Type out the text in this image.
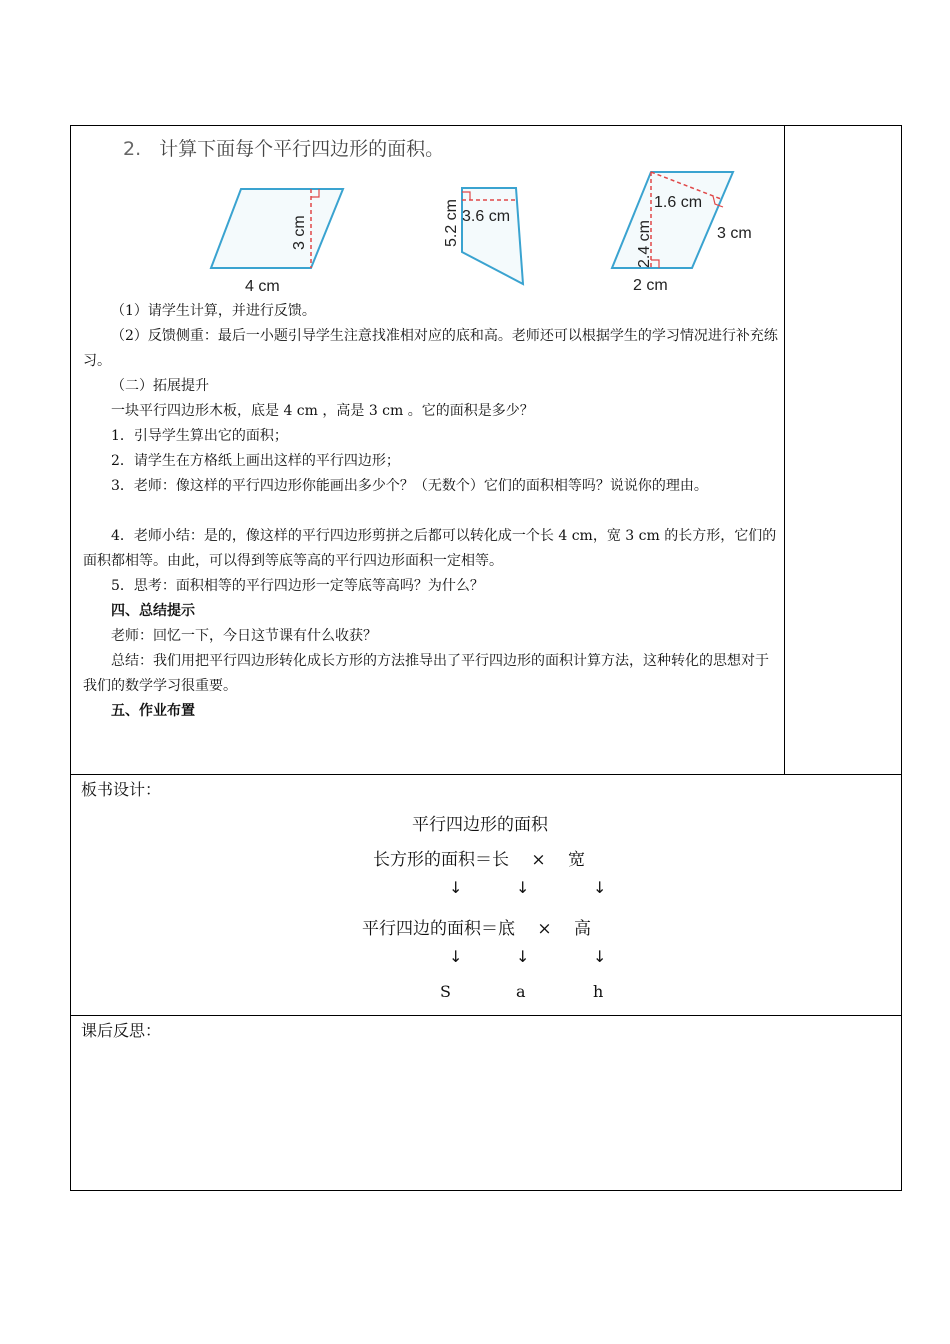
2. 计算下面每个平行四边形的面积。
3 cm
4 cm
5.2 cm 3.6 cm
1.6 cm
3 cm
2.4 cm
2 cm
（1）请学生计算，并进行反馈。
（2）反馈侧重：最后一小题引导学生注意找准相对应的底和高。老师还可以根据学生的学习情况进行补充练习。
（二）拓展提升
一块平行四边形木板，底是 4 cm ，高是 3 cm 。它的面积是多少？
1．引导学生算出它的面积；
2．请学生在方格纸上画出这样的平行四边形；
3．老师：像这样的平行四边形你能画出多少个？（无数个）它们的面积相等吗？说说你的理由。
4．老师小结：是的，像这样的平行四边形剪拼之后都可以转化成一个长 4 cm，宽 3 cm 的长方形，它们的面积都相等。由此，可以得到等底等高的平行四边形面积一定相等。
5．思考：面积相等的平行四边形一定等底等高吗？为什么？
四、总结提示
老师：回忆一下，今日这节课有什么收获？
总结：我们用把平行四边形转化成长方形的方法推导出了平行四边形的面积计算方法，这种转化的思想对于我们的数学学习很重要。
五、作业布置
板书设计：
平行四边形的面积
长方形的面积＝长 　×　 宽
↓	↓	↓
平行四边的面积＝底 　×　 高
↓	↓	↓
S	a	h
课后反思：
